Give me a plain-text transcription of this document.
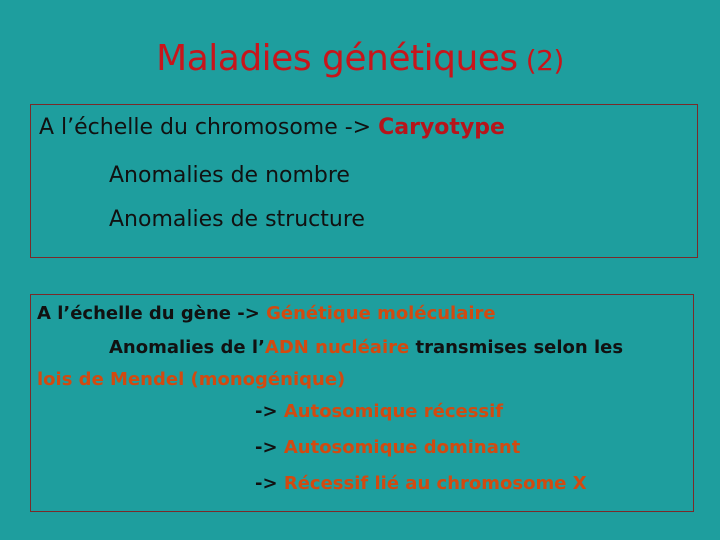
Maladies génétiques (2)
A l’échelle du chromosome -> Caryotype
Anomalies de nombre
Anomalies de structure
A l’échelle du gène -> Génétique moléculaire
Anomalies de l’ADN nucléaire transmises selon les
lois de Mendel (monogénique)
-> Autosomique récessif
-> Autosomique dominant
-> Récessif lié au chromosome X
